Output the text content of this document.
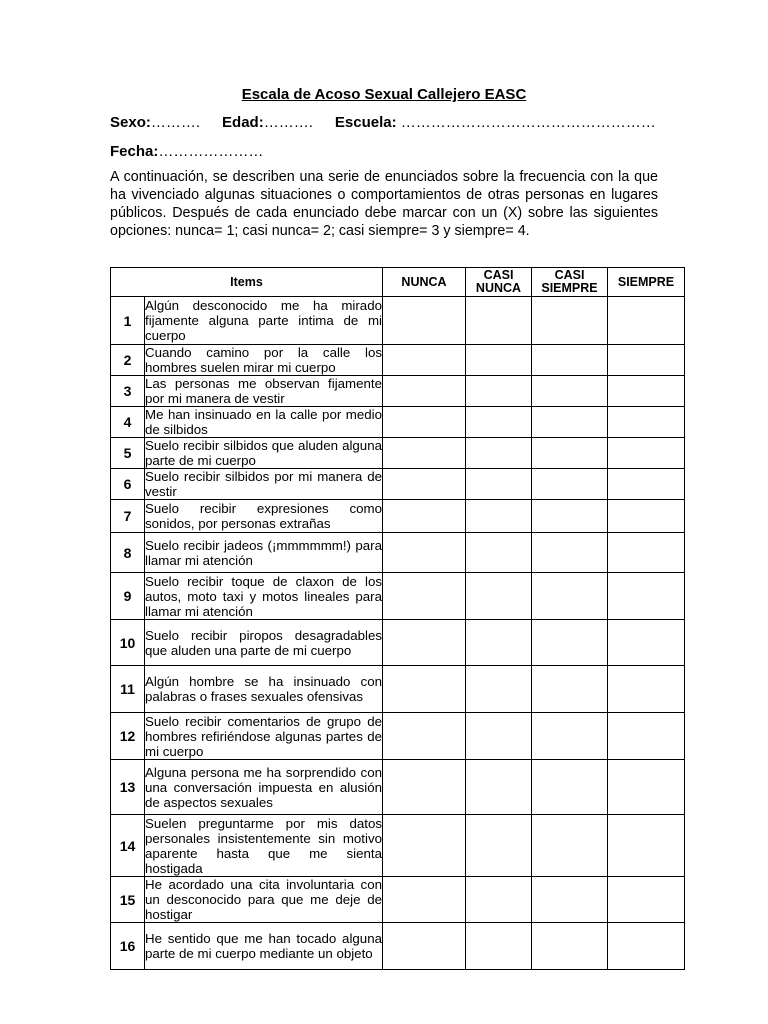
Escala de Acoso Sexual Callejero EASC
Sexo:………. Edad:………. Escuela: ……………………………………………
Fecha:…………………
A continuación, se describen una serie de enunciados sobre la frecuencia con la que ha vivenciado algunas situaciones o comportamientos de otras personas en lugares públicos. Después de cada enunciado debe marcar con un (X) sobre las siguientes opciones: nunca= 1; casi nunca= 2; casi siempre= 3 y siempre= 4.
Items		NUNCA	CASI NUNCA	CASI SIEMPRE	SIEMPRE
1	Algún desconocido me ha mirado fijamente alguna parte intima de mi cuerpo				
2	Cuando camino por la calle los hombres suelen mirar mi cuerpo				
3	Las personas me observan fijamente por mi manera de vestir				
4	Me han insinuado en la calle por medio de silbidos				
5	Suelo recibir silbidos que aluden alguna parte de mi cuerpo				
6	Suelo recibir silbidos por mi manera de vestir				
7	Suelo recibir expresiones como sonidos, por personas extrañas				
8	Suelo recibir jadeos (¡mmmmmm!) para llamar mi atención				
9	Suelo recibir toque de claxon de los autos, moto taxi y motos lineales para llamar mi atención				
10	Suelo recibir piropos desagradables que aluden una parte de mi cuerpo				
11	Algún hombre se ha insinuado con palabras o frases sexuales ofensivas				
12	Suelo recibir comentarios de grupo de hombres refiriéndose algunas partes de mi cuerpo				
13	Alguna persona me ha sorprendido con una conversación impuesta en alusión de aspectos sexuales				
14	Suelen preguntarme por mis datos personales insistentemente sin motivo aparente hasta que me sienta hostigada				
15	He acordado una cita involuntaria con un desconocido para que me deje de hostigar				
16	He sentido que me han tocado alguna parte de mi cuerpo mediante un objeto				
